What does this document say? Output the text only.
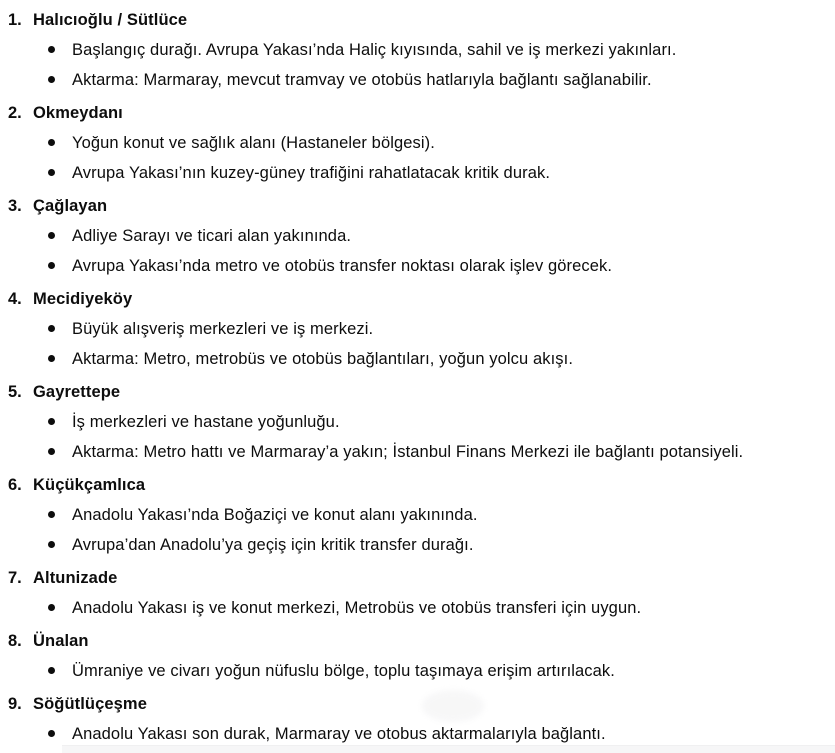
1. Halıcıoğlu / Sütlüce
Başlangıç durağı. Avrupa Yakası’nda Haliç kıyısında, sahil ve iş merkezi yakınları.
Aktarma: Marmaray, mevcut tramvay ve otobüs hatlarıyla bağlantı sağlanabilir.
2. Okmeydanı
Yoğun konut ve sağlık alanı (Hastaneler bölgesi).
Avrupa Yakası’nın kuzey-güney trafiğini rahatlatacak kritik durak.
3. Çağlayan
Adliye Sarayı ve ticari alan yakınında.
Avrupa Yakası’nda metro ve otobüs transfer noktası olarak işlev görecek.
4. Mecidiyeköy
Büyük alışveriş merkezleri ve iş merkezi.
Aktarma: Metro, metrobüs ve otobüs bağlantıları, yoğun yolcu akışı.
5. Gayrettepe
İş merkezleri ve hastane yoğunluğu.
Aktarma: Metro hattı ve Marmaray’a yakın; İstanbul Finans Merkezi ile bağlantı potansiyeli.
6. Küçükçamlıca
Anadolu Yakası’nda Boğaziçi ve konut alanı yakınında.
Avrupa’dan Anadolu’ya geçiş için kritik transfer durağı.
7. Altunizade
Anadolu Yakası iş ve konut merkezi, Metrobüs ve otobüs transferi için uygun.
8. Ünalan
Ümraniye ve civarı yoğun nüfuslu bölge, toplu taşımaya erişim artırılacak.
9. Söğütlüçeşme
Anadolu Yakası son durak, Marmaray ve otobus aktarmalarıyla bağlantı.
